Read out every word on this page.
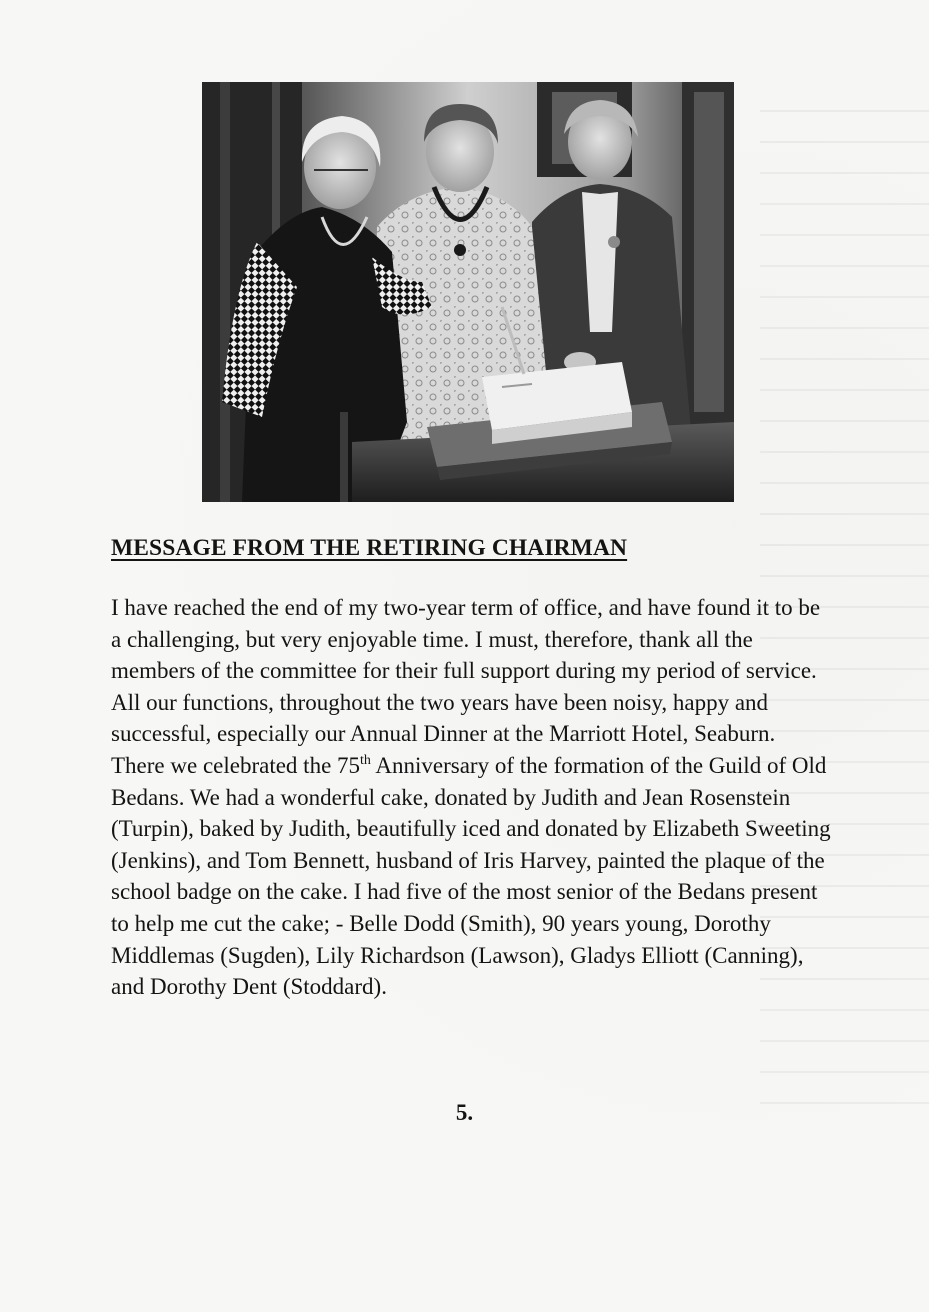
MESSAGE FROM THE RETIRING CHAIRMAN

I have reached the end of my two-year term of office, and have found it to be a challenging, but very enjoyable time. I must, therefore, thank all the members of the committee for their full support during my period of service.

All our functions, throughout the two years have been noisy, happy and successful, especially our Annual Dinner at the Marriott Hotel, Seaburn. There we celebrated the 75th Anniversary of the formation of the Guild of Old Bedans. We had a wonderful cake, donated by Judith and Jean Rosenstein (Turpin), baked by Judith, beautifully iced and donated by Elizabeth Sweeting (Jenkins), and Tom Bennett, husband of Iris Harvey, painted the plaque of the school badge on the cake. I had five of the most senior of the Bedans present to help me cut the cake; - Belle Dodd (Smith), 90 years young, Dorothy Middlemas (Sugden), Lily Richardson (Lawson), Gladys Elliott (Canning), and Dorothy Dent (Stoddard).

5.
